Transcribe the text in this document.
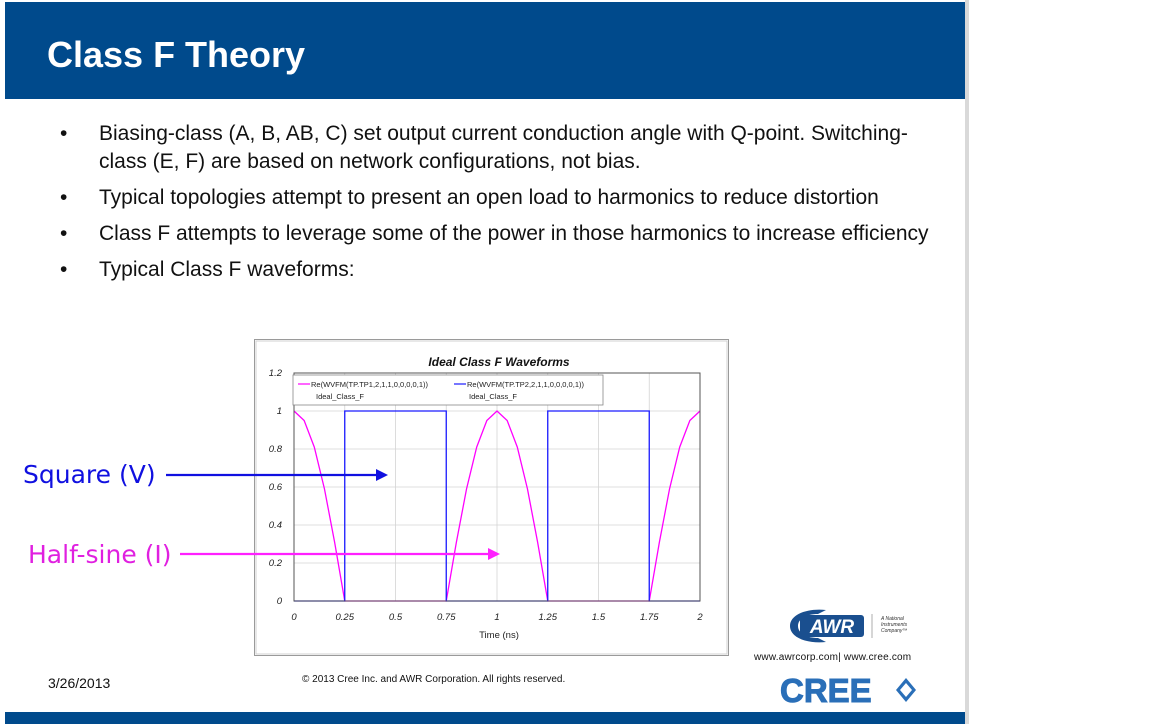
Class F Theory
• Biasing-class (A, B, AB, C) set output current conduction angle with Q-point. Switching-class (E, F) are based on network configurations, not bias.
• Typical topologies attempt to present an open load to harmonics to reduce distortion
• Class F attempts to leverage some of the power in those harmonics to increase efficiency
• Typical Class F waveforms:
Ideal Class F Waveforms
0	0.25	0.5	0.75	1	1.25	1.5	1.75	2
0
0.2
0.4
0.6
0.8
1
1.2
Re(WVFM(TP.TP1,2,1,1,0,0,0,0,1))
Ideal_Class_F
Re(WVFM(TP.TP2,2,1,1,0,0,0,0,1))
Ideal_Class_F
Time (ns)
Square (V)
Half-sine (I)
3/26/2013	© 2013 Cree Inc. and AWR Corporation. All rights reserved.
www.awrcorp.com| www.cree.com
AWR	A National
Instruments
Company™
CREE
